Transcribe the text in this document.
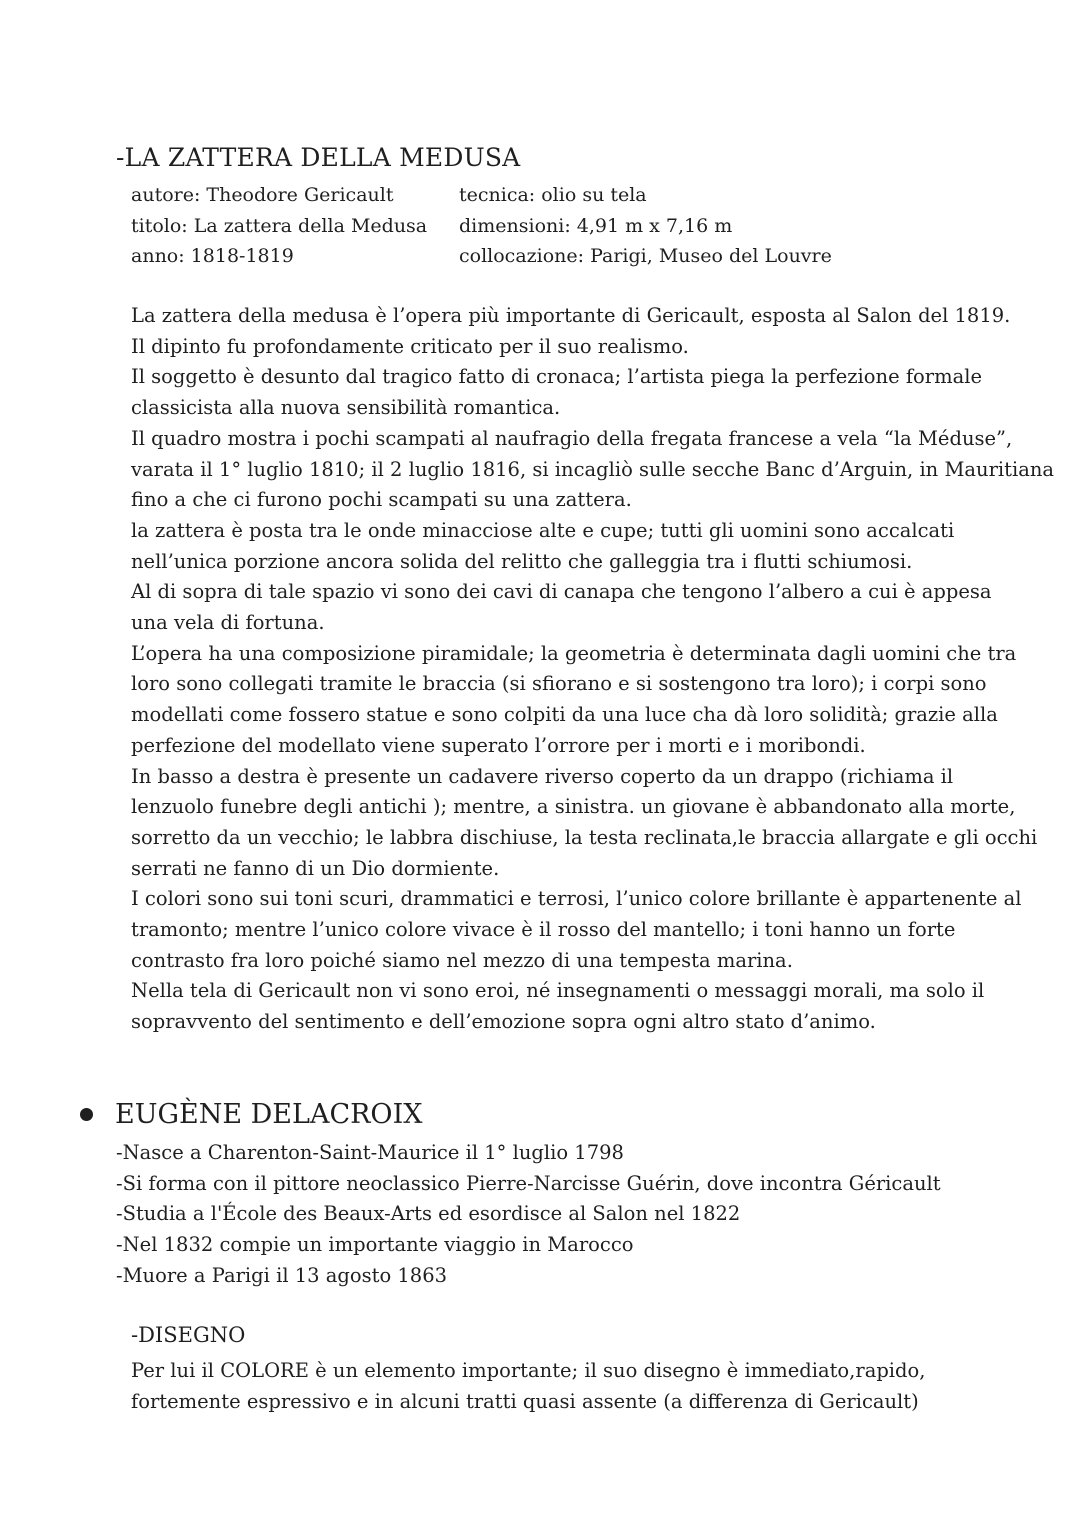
-LA ZATTERA DELLA MEDUSA
autore: Theodore Gericault
titolo: La zattera della Medusa
anno: 1818-1819
tecnica: olio su tela
dimensioni: 4,91 m x 7,16 m
collocazione: Parigi, Museo del Louvre

La zattera della medusa è l’opera più importante di Gericault, esposta al Salon del 1819.

Il dipinto fu profondamente criticato per il suo realismo.

Il soggetto è desunto dal tragico fatto di cronaca; l’artista piega la perfezione formale

classicista alla nuova sensibilità romantica.

Il quadro mostra i pochi scampati al naufragio della fregata francese a vela “la Méduse”,

varata il 1° luglio 1810; il 2 luglio 1816, si incagliò sulle secche Banc d’Arguin, in Mauritiana

fino a che ci furono pochi scampati su una zattera.

la zattera è posta tra le onde minacciose alte e cupe; tutti gli uomini sono accalcati

nell’unica porzione ancora solida del relitto che galleggia tra i flutti schiumosi.

Al di sopra di tale spazio vi sono dei cavi di canapa che tengono l’albero a cui è appesa

una vela di fortuna.

L’opera ha una composizione piramidale; la geometria è determinata dagli uomini che tra

loro sono collegati tramite le braccia (si sfiorano e si sostengono tra loro); i corpi sono

modellati come fossero statue e sono colpiti da una luce cha dà loro solidità; grazie alla

perfezione del modellato viene superato l’orrore per i morti e i moribondi.

In basso a destra è presente un cadavere riverso coperto da un drappo (richiama il

lenzuolo funebre degli antichi ); mentre, a sinistra. un giovane è abbandonato alla morte,

sorretto da un vecchio; le labbra dischiuse, la testa reclinata,le braccia allargate e gli occhi

serrati ne fanno di un Dio dormiente.

I colori sono sui toni scuri, drammatici e terrosi, l’unico colore brillante è appartenente al

tramonto; mentre l’unico colore vivace è il rosso del mantello; i toni hanno un forte

contrasto fra loro poiché siamo nel mezzo di una tempesta marina.

Nella tela di Gericault non vi sono eroi, né insegnamenti o messaggi morali, ma solo il

sopravvento del sentimento e dell’emozione sopra ogni altro stato d’animo.

EUGÈNE DELACROIX
-Nasce a Charenton-Saint-Maurice il 1° luglio 1798
-Si forma con il pittore neoclassico Pierre-Narcisse Guérin, dove incontra Géricault
-Studia a l'École des Beaux-Arts ed esordisce al Salon nel 1822
-Nel 1832 compie un importante viaggio in Marocco
-Muore a Parigi il 13 agosto 1863
-DISEGNO

Per lui il COLORE è un elemento importante; il suo disegno è immediato,rapido,

fortemente espressivo e in alcuni tratti quasi assente (a differenza di Gericault)
